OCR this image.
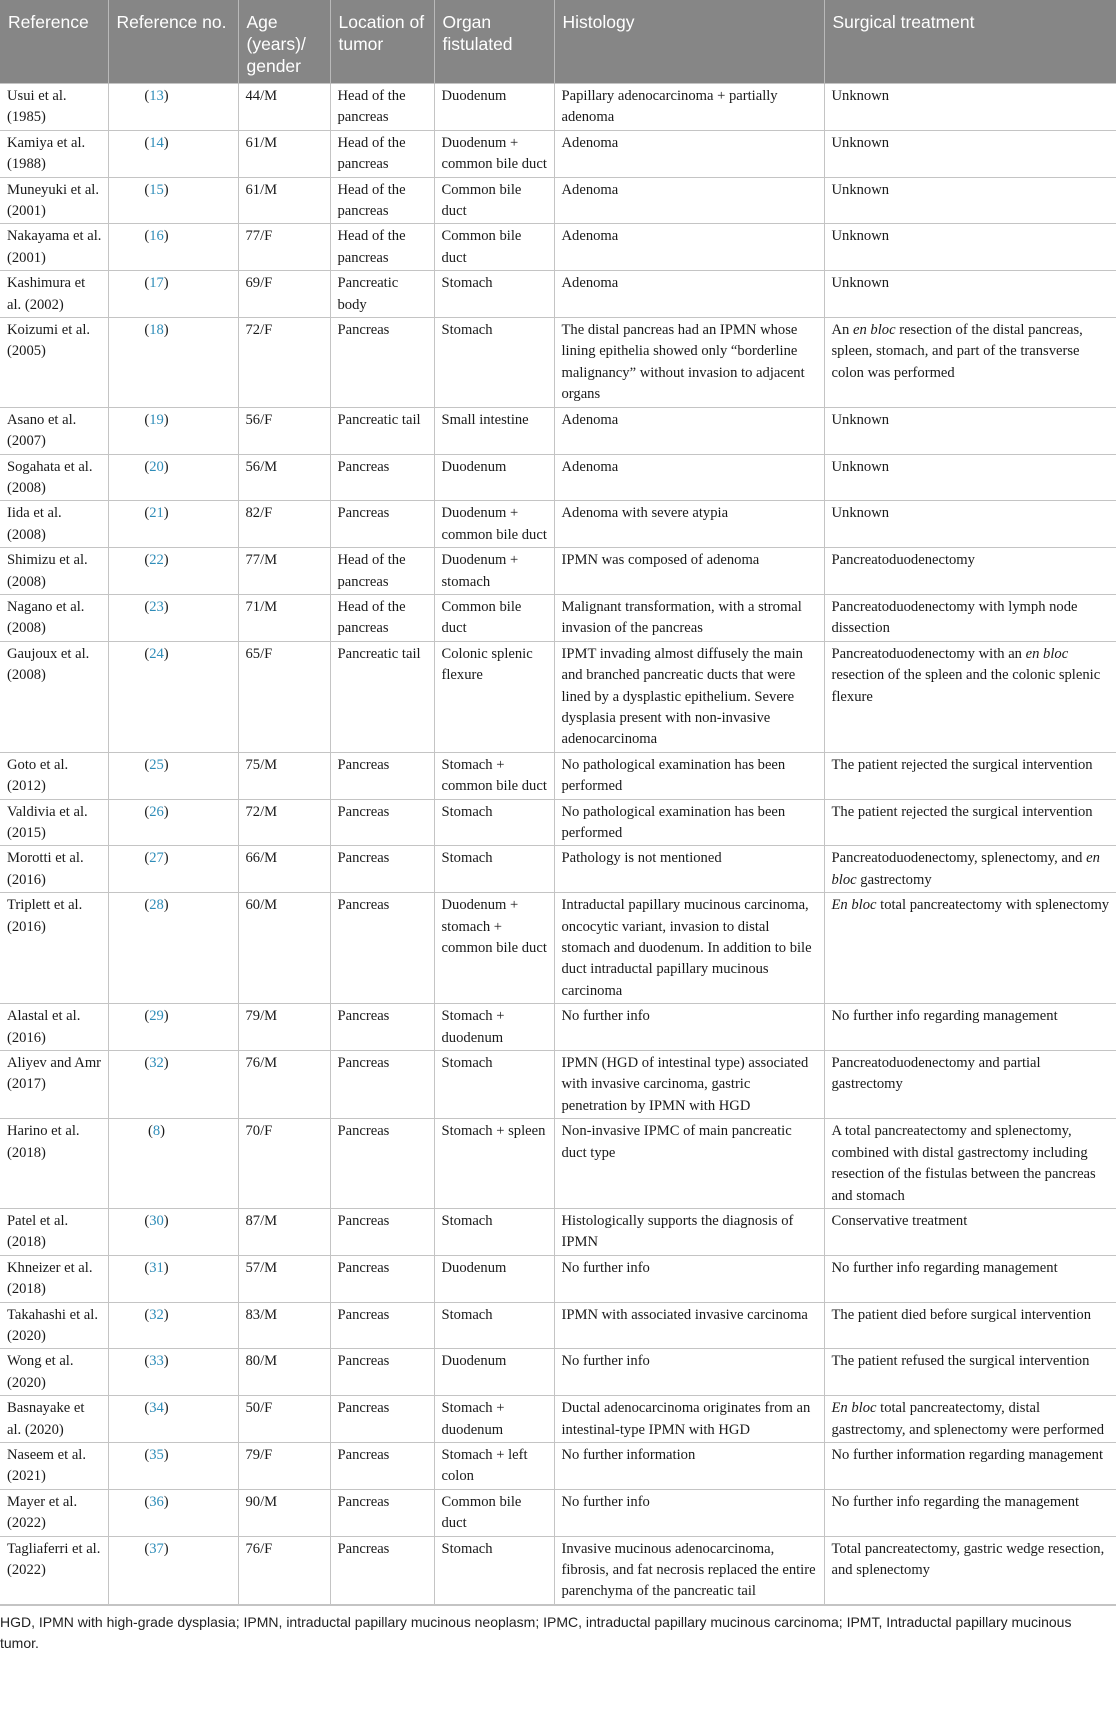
Reference	Reference no.	Age (years)/ gender	Location of tumor	Organ fistulated	Histology	Surgical treatment
Usui et al. (1985)	(13)	44/M	Head of the pancreas	Duodenum	Papillary adenocarcinoma + partially adenoma	Unknown
Kamiya et al. (1988)	(14)	61/M	Head of the pancreas	Duodenum + common bile duct	Adenoma	Unknown
Muneyuki et al. (2001)	(15)	61/M	Head of the pancreas	Common bile duct	Adenoma	Unknown
Nakayama et al. (2001)	(16)	77/F	Head of the pancreas	Common bile duct	Adenoma	Unknown
Kashimura et al. (2002)	(17)	69/F	Pancreatic body	Stomach	Adenoma	Unknown
Koizumi et al. (2005)	(18)	72/F	Pancreas	Stomach	The distal pancreas had an IPMN whose lining epithelia showed only “borderline malignancy” without invasion to adjacent organs	An en bloc resection of the distal pancreas, spleen, stomach, and part of the transverse colon was performed
Asano et al. (2007)	(19)	56/F	Pancreatic tail	Small intestine	Adenoma	Unknown
Sogahata et al. (2008)	(20)	56/M	Pancreas	Duodenum	Adenoma	Unknown
Iida et al. (2008)	(21)	82/F	Pancreas	Duodenum + common bile duct	Adenoma with severe atypia	Unknown
Shimizu et al. (2008)	(22)	77/M	Head of the pancreas	Duodenum + stomach	IPMN was composed of adenoma	Pancreatoduodenectomy
Nagano et al. (2008)	(23)	71/M	Head of the pancreas	Common bile duct	Malignant transformation, with a stromal invasion of the pancreas	Pancreatoduodenectomy with lymph node dissection
Gaujoux et al. (2008)	(24)	65/F	Pancreatic tail	Colonic splenic flexure	IPMT invading almost diffusely the main and branched pancreatic ducts that were lined by a dysplastic epithelium. Severe dysplasia present with non-invasive adenocarcinoma	Pancreatoduodenectomy with an en bloc resection of the spleen and the colonic splenic flexure
Goto et al. (2012)	(25)	75/M	Pancreas	Stomach + common bile duct	No pathological examination has been performed	The patient rejected the surgical intervention
Valdivia et al. (2015)	(26)	72/M	Pancreas	Stomach	No pathological examination has been performed	The patient rejected the surgical intervention
Morotti et al. (2016)	(27)	66/M	Pancreas	Stomach	Pathology is not mentioned	Pancreatoduodenectomy, splenectomy, and en bloc gastrectomy
Triplett et al. (2016)	(28)	60/M	Pancreas	Duodenum + stomach + common bile duct	Intraductal papillary mucinous carcinoma, oncocytic variant, invasion to distal stomach and duodenum. In addition to bile duct intraductal papillary mucinous carcinoma	En bloc total pancreatectomy with splenectomy
Alastal et al. (2016)	(29)	79/M	Pancreas	Stomach + duodenum	No further info	No further info regarding management
Aliyev and Amr (2017)	(32)	76/M	Pancreas	Stomach	IPMN (HGD of intestinal type) associated with invasive carcinoma, gastric penetration by IPMN with HGD	Pancreatoduodenectomy and partial gastrectomy
Harino et al. (2018)	(8)	70/F	Pancreas	Stomach + spleen	Non-invasive IPMC of main pancreatic duct type	A total pancreatectomy and splenectomy, combined with distal gastrectomy including resection of the fistulas between the pancreas and stomach
Patel et al. (2018)	(30)	87/M	Pancreas	Stomach	Histologically supports the diagnosis of IPMN	Conservative treatment
Khneizer et al. (2018)	(31)	57/M	Pancreas	Duodenum	No further info	No further info regarding management
Takahashi et al. (2020)	(32)	83/M	Pancreas	Stomach	IPMN with associated invasive carcinoma	The patient died before surgical intervention
Wong et al. (2020)	(33)	80/M	Pancreas	Duodenum	No further info	The patient refused the surgical intervention
Basnayake et al. (2020)	(34)	50/F	Pancreas	Stomach + duodenum	Ductal adenocarcinoma originates from an intestinal-type IPMN with HGD	En bloc total pancreatectomy, distal gastrectomy, and splenectomy were performed
Naseem et al. (2021)	(35)	79/F	Pancreas	Stomach + left colon	No further information	No further information regarding management
Mayer et al. (2022)	(36)	90/M	Pancreas	Common bile duct	No further info	No further info regarding the management
Tagliaferri et al. (2022)	(37)	76/F	Pancreas	Stomach	Invasive mucinous adenocarcinoma, fibrosis, and fat necrosis replaced the entire parenchyma of the pancreatic tail	Total pancreatectomy, gastric wedge resection, and splenectomy
HGD, IPMN with high-grade dysplasia; IPMN, intraductal papillary mucinous neoplasm; IPMC, intraductal papillary mucinous carcinoma; IPMT, Intraductal papillary mucinous tumor.
